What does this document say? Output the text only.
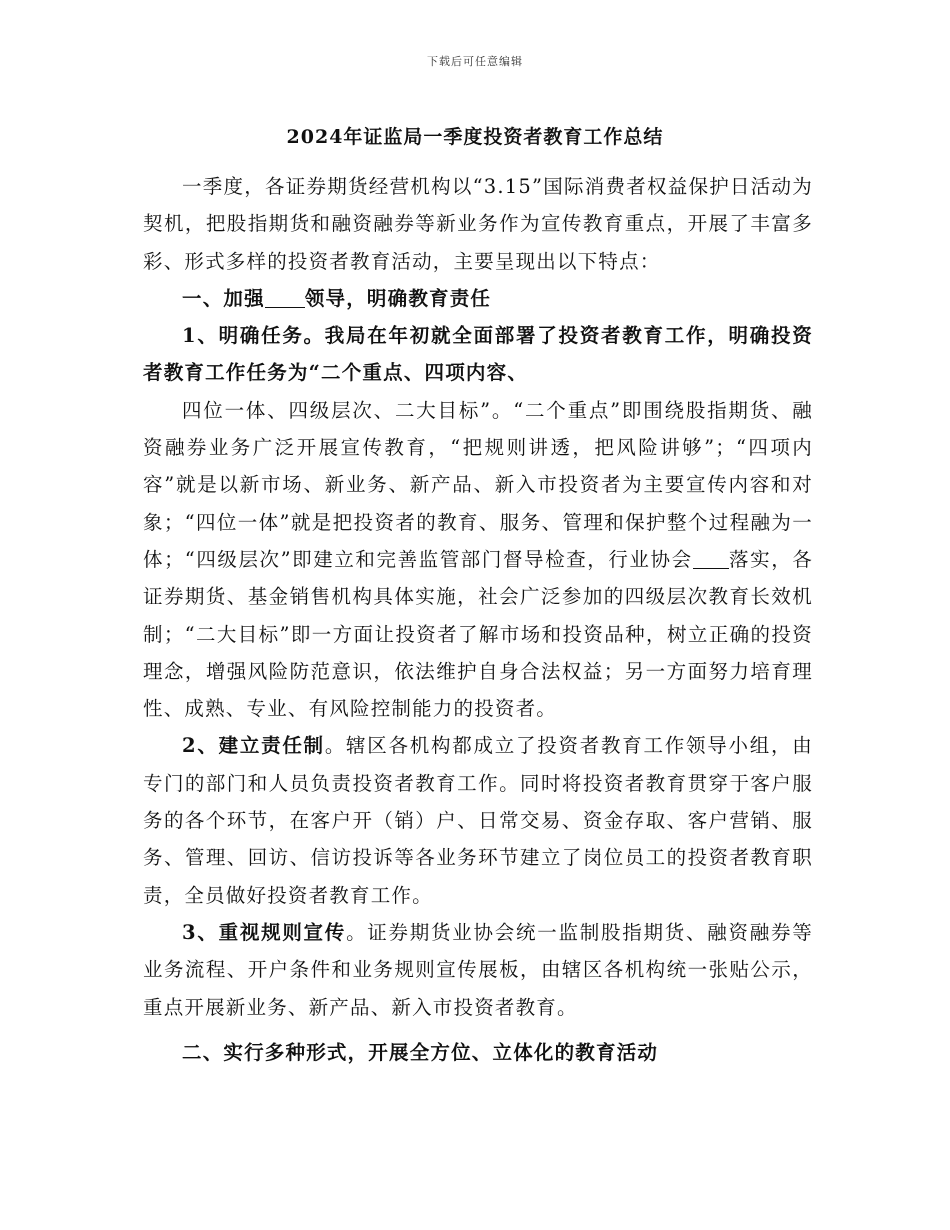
下载后可任意编辑
2024年证监局一季度投资者教育工作总结

一季度，各证券期货经营机构以“3.15”国际消费者权益保护日活动为契机，把股指期货和融资融券等新业务作为宣传教育重点，开展了丰富多彩、形式多样的投资者教育活动，主要呈现出以下特点：

一、加强 领导，明确教育责任

1、明确任务。我局在年初就全面部署了投资者教育工作，明确投资者教育工作任务为“二个重点、四项内容、

四位一体、四级层次、二大目标”。“二个重点”即围绕股指期货、融资融券业务广泛开展宣传教育，“把规则讲透，把风险讲够”；“四项内容”就是以新市场、新业务、新产品、新入市投资者为主要宣传内容和对象；“四位一体”就是把投资者的教育、服务、管理和保护整个过程融为一体；“四级层次”即建立和完善监管部门督导检查，行业协会 落实，各证券期货、基金销售机构具体实施，社会广泛参加的四级层次教育长效机制；“二大目标”即一方面让投资者了解市场和投资品种，树立正确的投资理念，增强风险防范意识，依法维护自身合法权益；另一方面努力培育理性、成熟、专业、有风险控制能力的投资者。

2、建立责任制。辖区各机构都成立了投资者教育工作领导小组，由专门的部门和人员负责投资者教育工作。同时将投资者教育贯穿于客户服务的各个环节，在客户开（销）户、日常交易、资金存取、客户营销、服务、管理、回访、信访投诉等各业务环节建立了岗位员工的投资者教育职责，全员做好投资者教育工作。

3、重视规则宣传。证券期货业协会统一监制股指期货、融资融券等业务流程、开户条件和业务规则宣传展板，由辖区各机构统一张贴公示，重点开展新业务、新产品、新入市投资者教育。

二、实行多种形式，开展全方位、立体化的教育活动
